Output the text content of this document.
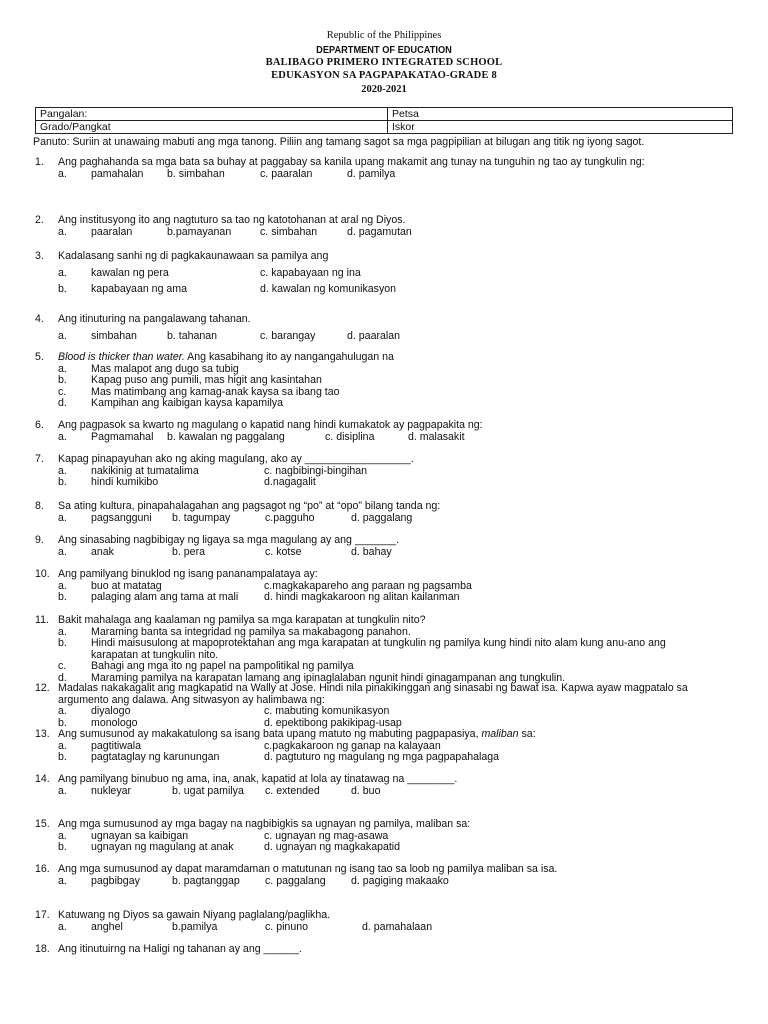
Republic of the Philippines
DEPARTMENT OF EDUCATION
BALIBAGO PRIMERO INTEGRATED SCHOOL
EDUKASYON SA PAGPAPAKATAO-GRADE 8
2020-2021
Pangalan:	Petsa
Grado/Pangkat	Iskor
Panuto: Suriin at unawaing mabuti ang mga tanong. Piliin ang tamang sagot sa mga pagpipilian at bilugan ang titik ng iyong sagot.
1. Ang paghahanda sa mga bata sa buhay at paggabay sa kanila upang makamit ang tunay na tunguhin ng tao ay tungkulin ng:
a. pamahalan b. simbahan	c. paaralan	d. pamilya
2. Ang institusyong ito ang nagtuturo sa tao ng katotohanan at aral ng Diyos.
a. paaralan	b.pamayanan	c. simbahan	d. pagamutan
3. Kadalasang sanhi ng di pagkakaunawaan sa pamilya ang
a. kawalan ng pera	c. kapabayaan ng ina
b. kapabayaan ng ama	d. kawalan ng komunikasyon
4. Ang itinuturing na pangalawang tahanan.
a. simbahan	b. tahanan	c. barangay	d. paaralan
5. Blood is thicker than water. Ang kasabihang ito ay nangangahulugan na
a. Mas malapot ang dugo sa tubig
b. Kapag puso ang pumili, mas higit ang kasintahan
c. Mas matimbang ang kamag-anak kaysa sa ibang tao
d. Kampihan ang kaibigan kaysa kapamilya
6. Ang pagpasok sa kwarto ng magulang o kapatid nang hindi kumakatok ay pagpapakita ng:
a. Pagmamahal b. kawalan ng paggalang	c. disiplina	d. malasakit
7. Kapag pinapayuhan ako ng aking magulang, ako ay __________________.
a. nakikinig at tumatalima	c. nagbibingi-bingihan
b. hindi kumikibo	d.nagagalit
8. Sa ating kultura, pinapahalagahan ang pagsagot ng “po” at “opo” bilang tanda ng:
a. pagsangguni b. tagumpay	c.pagguho	d. paggalang
9. Ang sinasabing nagbibigay ng ligaya sa mga magulang ay ang _______.
a. anak	b. pera	c. kotse	d. bahay
10. Ang pamilyang binuklod ng isang pananampalataya ay:
a. buo at matatag	c.magkakapareho ang paraan ng pagsamba
b. palaging alam ang tama at mali d. hindi magkakaroon ng alitan kailanman
11. Bakit mahalaga ang kaalaman ng pamilya sa mga karapatan at tungkulin nito?
a. Maraming banta sa integridad ng pamilya sa makabagong panahon.
b. Hindi maisusulong at mapoprotektahan ang mga karapatan at tungkulin ng pamilya kung hindi nito alam kung anu-ano ang
karapatan at tungkulin nito.
c. Bahagi ang mga ito ng papel na pampolitikal ng pamilya
d. Maraming pamilya na karapatan lamang ang ipinaglalaban ngunit hindi ginagampanan ang tungkulin.
12. Madalas nakakagalit ang magkapatid na Wally at Jose. Hindi nila pinakikinggan ang sinasabi ng bawat isa. Kapwa ayaw magpatalo sa
argumento ang dalawa. Ang sitwasyon ay halimbawa ng:
a. diyalogo	c. mabuting komunikasyon
b. monologo	d. epektibong pakikipag-usap
13. Ang sumusunod ay makakatulong sa isang bata upang matuto ng mabuting pagpapasiya, maliban sa:
a. pagtitiwala	c.pagkakaroon ng ganap na kalayaan
b. pagtataglay ng karunungan	d. pagtuturo ng magulang ng mga pagpapahalaga
14. Ang pamilyang binubuo ng ama, ina, anak, kapatid at lola ay tinatawag na ________.
a. nukleyar	b. ugat pamilya c. extended	d. buo
15. Ang mga sumusunod ay mga bagay na nagbibigkis sa ugnayan ng pamilya, maliban sa:
a. ugnayan sa kaibigan	c. ugnayan ng mag-asawa
b. ugnayan ng magulang at anak	d. ugnayan ng magkakapatid
16. Ang mga sumusunod ay dapat maramdaman o matutunan ng isang tao sa loob ng pamilya maliban sa isa.
a. pagbibgay	b. pagtanggap c. paggalang d. pagiging makaako
17. Katuwang ng Diyos sa gawain Niyang paglalang/paglikha.
a. anghel	b.pamilya	c. pinuno	d. pamahalaan
18. Ang itinutuirng na Haligi ng tahanan ay ang ______.
